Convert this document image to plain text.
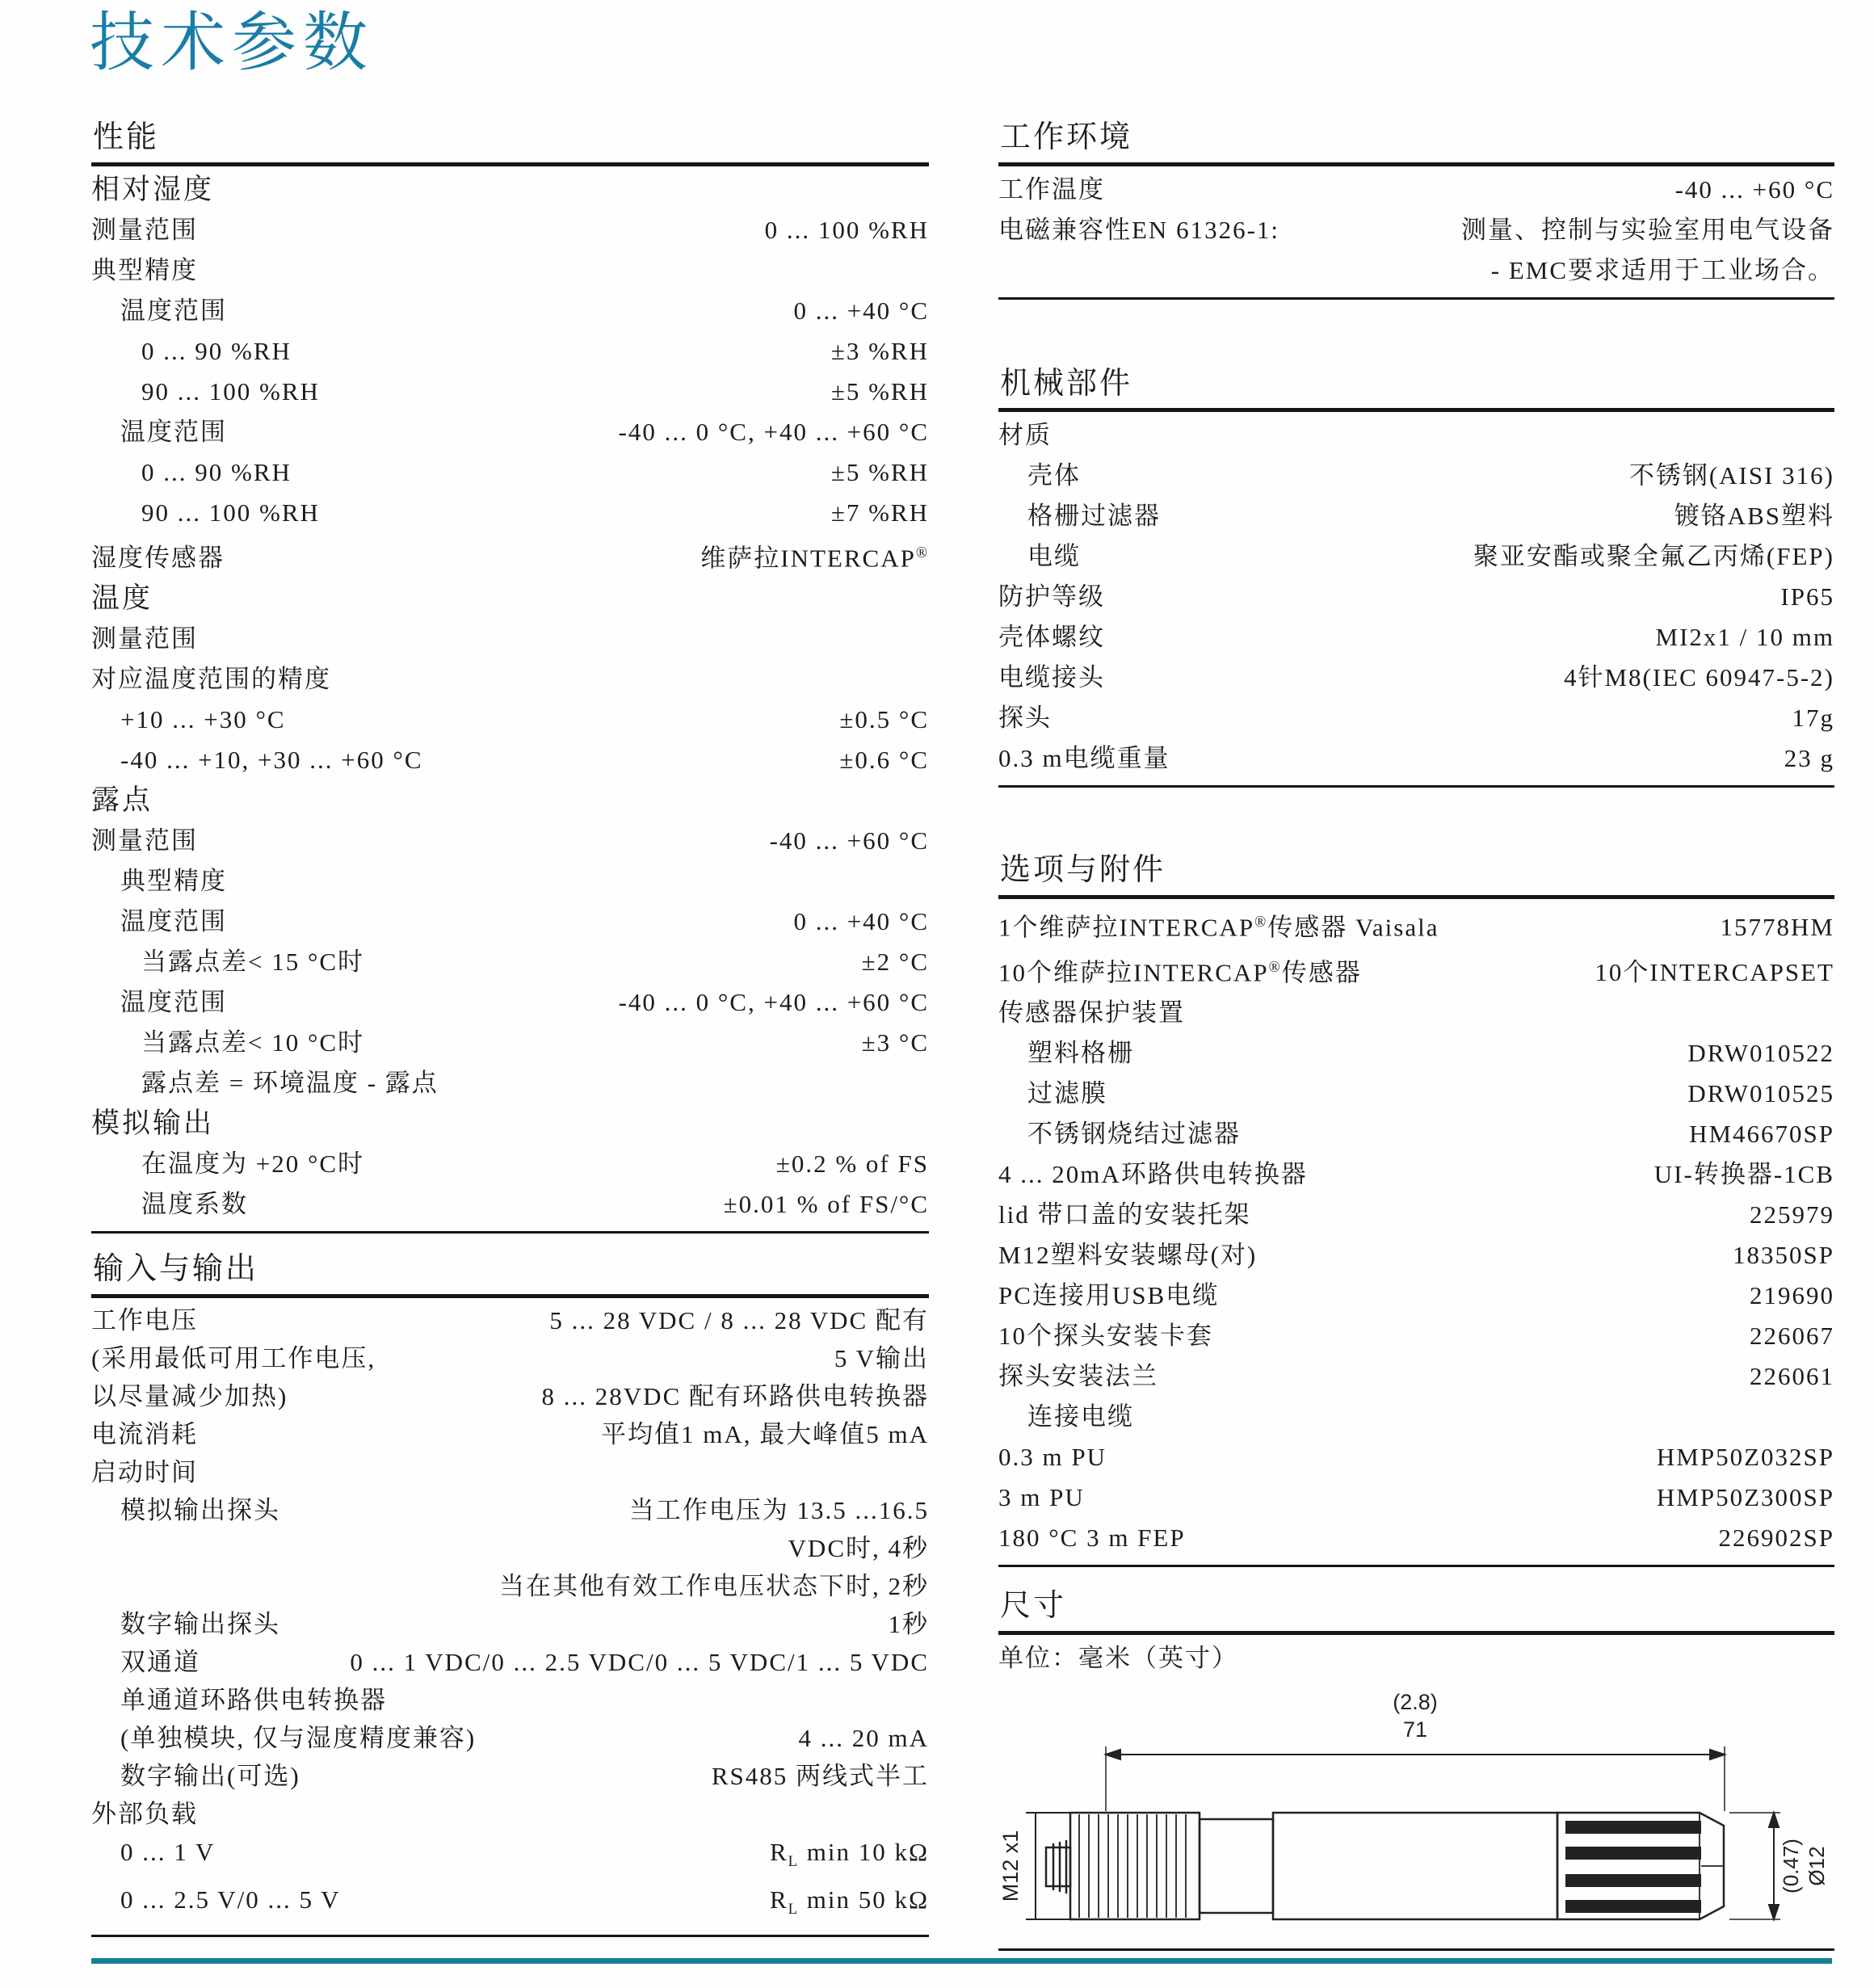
技术参数
性能
相对湿度
测量范围	0 ... 100 %RH
典型精度
温度范围	0 ... +40 °C
0 ... 90 %RH	±3 %RH
90 ... 100 %RH	±5 %RH
温度范围	-40 ... 0 °C, +40 ... +60 °C
0 ... 90 %RH	±5 %RH
90 ... 100 %RH	±7 %RH
湿度传感器	维萨拉INTERCAP®
温度
测量范围
对应温度范围的精度
+10 ... +30 °C	±0.5 °C
-40 ... +10, +30 ... +60 °C	±0.6 °C
露点
测量范围	-40 ... +60 °C
典型精度
温度范围	0 ... +40 °C
当露点差< 15 °C时	±2 °C
温度范围	-40 ... 0 °C, +40 ... +60 °C
当露点差< 10 °C时	±3 °C
露点差 = 环境温度 - 露点
模拟输出
在温度为 +20 °C时	±0.2 % of FS
温度系数	±0.01 % of FS/°C
输入与输出
工作电压	5 ... 28 VDC / 8 ... 28 VDC 配有
(采用最低可用工作电压,	5 V输出
以尽量减少加热)	8 ... 28VDC 配有环路供电转换器
电流消耗	平均值1 mA, 最大峰值5 mA
启动时间
模拟输出探头	当工作电压为 13.5 ...16.5
VDC时, 4秒
当在其他有效工作电压状态下时, 2秒
数字输出探头	1秒
双通道	0 ... 1 VDC/0 ... 2.5 VDC/0 ... 5 VDC/1 ... 5 VDC
单通道环路供电转换器
(单独模块, 仅与湿度精度兼容)	4 ... 20 mA
数字输出(可选)	RS485 两线式半工
外部负载
0 ... 1 V	$R_L$ min 10 kΩ
0 ... 2.5 V/0 ... 5 V	$R_L$ min 50 kΩ
工作环境
工作温度	-40 ... +60 °C
电磁兼容性EN 61326-1:	测量、控制与实验室用电气设备
- EMC要求适用于工业场合。
机械部件
材质
壳体	不锈钢(AISI 316)
格栅过滤器	镀铬ABS塑料
电缆	聚亚安酯或聚全氟乙丙烯(FEP)
防护等级	IP65
壳体螺纹	MI2x1 / 10 mm
电缆接头	4针M8(IEC 60947-5-2)
探头	17g
0.3 m电缆重量	23 g
选项与附件
1个维萨拉INTERCAP®传感器 Vaisala	15778HM
10个维萨拉INTERCAP®传感器	10个INTERCAPSET
传感器保护装置
塑料格栅	DRW010522
过滤膜	DRW010525
不锈钢烧结过滤器	HM46670SP
4 ... 20mA环路供电转换器	UI-转换器-1CB
lid 带口盖的安装托架	225979
M12塑料安装螺母(对)	18350SP
PC连接用USB电缆	219690
10个探头安装卡套	226067
探头安装法兰	226061
连接电缆
0.3 m PU	HMP50Z032SP
3 m PU	HMP50Z300SP
180 °C 3 m FEP	226902SP
尺寸
单位：毫米（英寸）
(2.8)
71
M12 x1	(0.47) Ø12
